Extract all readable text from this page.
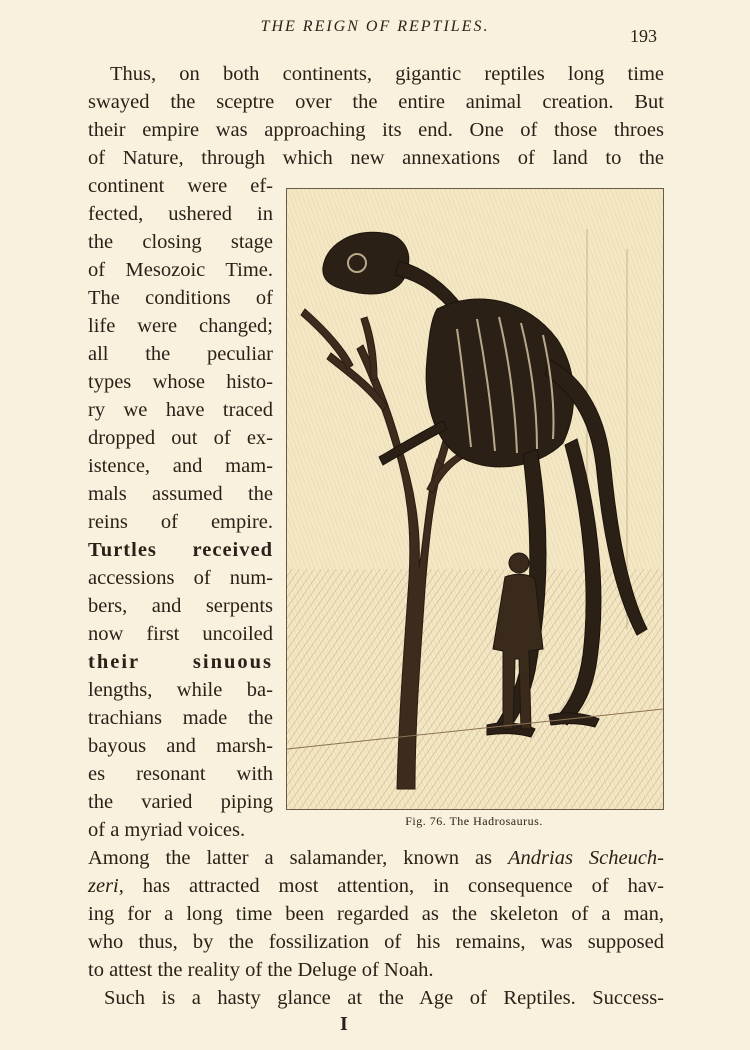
THE REIGN OF REPTILES.	193
Thus, on both continents, gigantic reptiles long time
swayed the sceptre over the entire animal creation. But
their empire was approaching its end. One of those throes
of Nature, through which new annexations of land to the
continent were ef-
fected, ushered in
the closing stage
of Mesozoic Time.
The conditions of
life were changed;
all the peculiar
types whose histo-
ry we have traced
dropped out of ex-
istence, and mam-
mals assumed the
reins of empire.
Turtles received
accessions of num-
bers, and serpents
now first uncoiled
their sinuous
lengths, while ba-
trachians made the
bayous and marsh-
es resonant with
the varied piping
of a myriad voices.	Fig. 76. The Hadrosaurus.
Among the latter a salamander, known as Andrias Scheuch-
zeri, has attracted most attention, in consequence of hav-
ing for a long time been regarded as the skeleton of a man,
who thus, by the fossilization of his remains, was supposed
to attest the reality of the Deluge of Noah.
Such is a hasty glance at the Age of Reptiles. Success-
I
